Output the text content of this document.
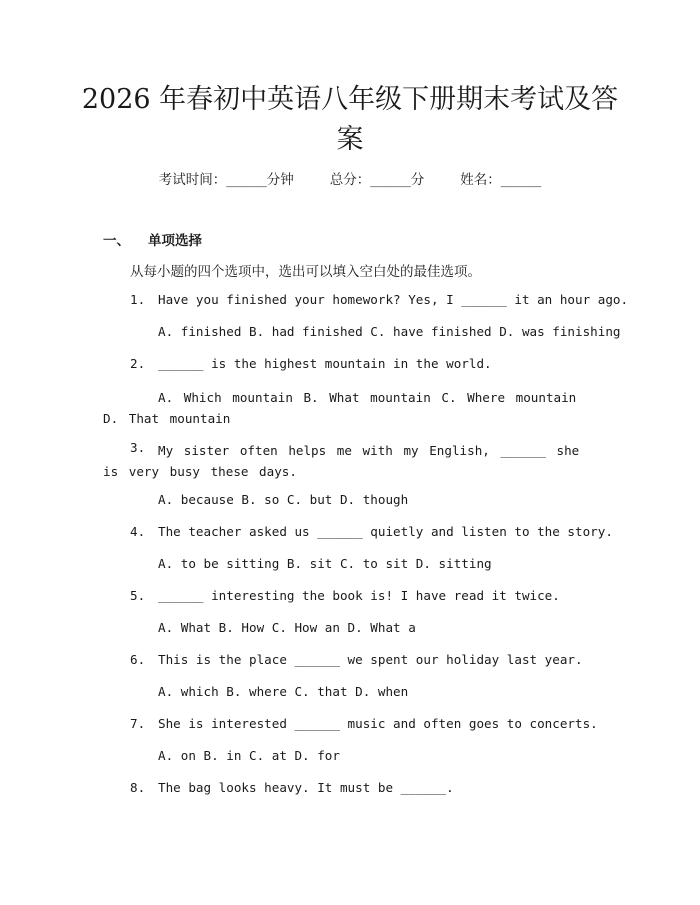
2026 年春初中英语八年级下册期末考试及答案
考试时间：______分钟	总分：______分	姓名：______
一、 单项选择
从每小题的四个选项中，选出可以填入空白处的最佳选项。
1. Have you finished your homework? Yes, I ______ it an hour ago.
A. finished B. had finished C. have finished D. was finishing
2. ______ is the highest mountain in the world.
A. Which mountain B. What mountain C. Where mountain D. That mountain
3.	My sister often helps me with my English, ______ she is very busy these days.
A. because B. so C. but D. though
4. The teacher asked us ______ quietly and listen to the story.
A. to be sitting B. sit C. to sit D. sitting
5. ______ interesting the book is! I have read it twice.
A. What B. How C. How an D. What a
6. This is the place ______ we spent our holiday last year.
A. which B. where C. that D. when
7. She is interested ______ music and often goes to concerts.
A. on B. in C. at D. for
8. The bag looks heavy. It must be ______.
